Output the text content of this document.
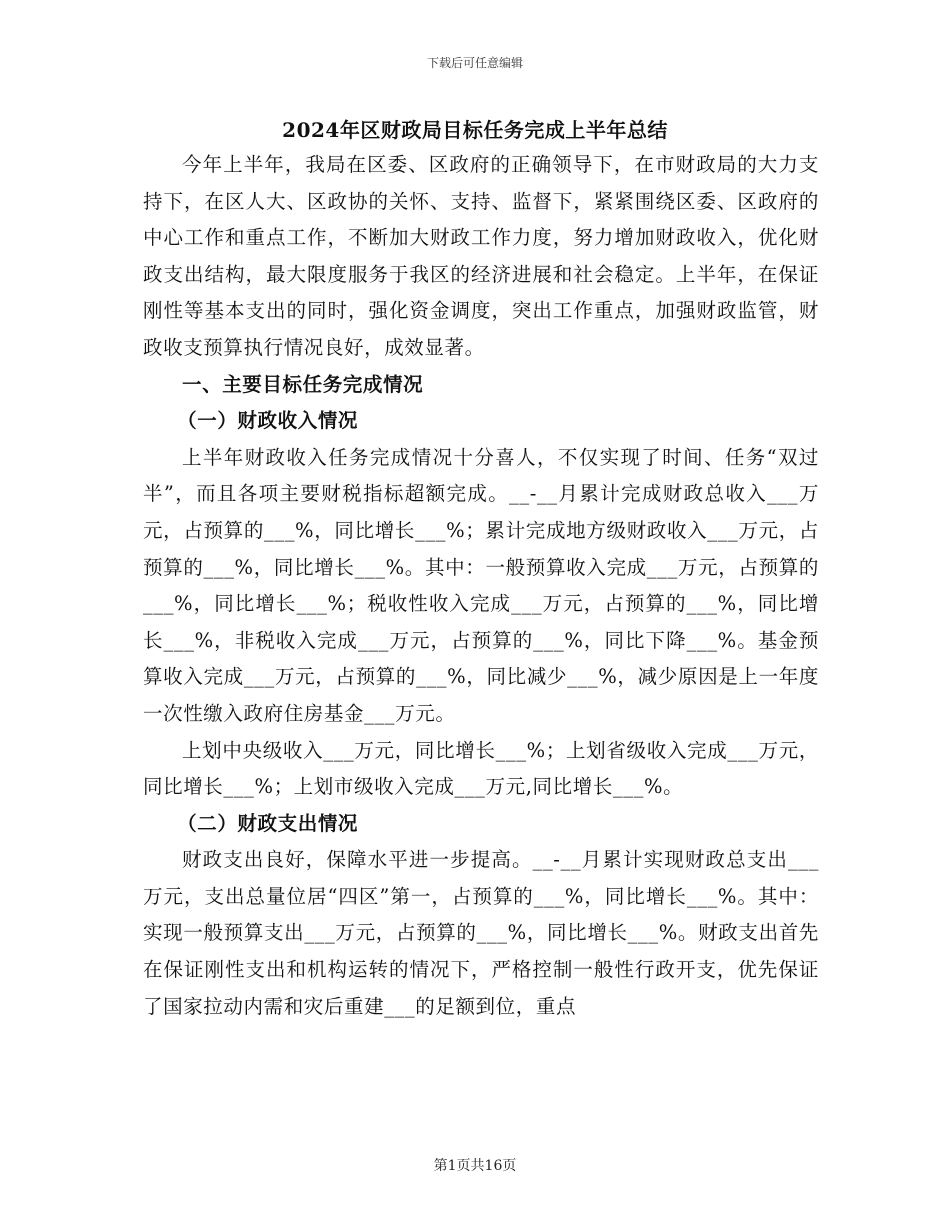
下载后可任意编辑
2024年区财政局目标任务完成上半年总结

今年上半年，我局在区委、区政府的正确领导下，在市财政局的大力支持下，在区人大、区政协的关怀、支持、监督下，紧紧围绕区委、区政府的中心工作和重点工作，不断加大财政工作力度，努力增加财政收入，优化财政支出结构，最大限度服务于我区的经济进展和社会稳定。上半年，在保证刚性等基本支出的同时，强化资金调度，突出工作重点，加强财政监管，财政收支预算执行情况良好，成效显著。

一、主要目标任务完成情况
（一）财政收入情况

上半年财政收入任务完成情况十分喜人，不仅实现了时间、任务“双过半”，而且各项主要财税指标超额完成。__-__月累计完成财政总收入___万元，占预算的___%，同比增长___%；累计完成地方级财政收入___万元，占预算的___%，同比增长___%。其中：一般预算收入完成___万元，占预算的___%，同比增长___%；税收性收入完成___万元，占预算的___%，同比增长___%，非税收入完成___万元，占预算的___%，同比下降___%。基金预算收入完成___万元，占预算的___%，同比减少___%，减少原因是上一年度一次性缴入政府住房基金___万元。

上划中央级收入___万元，同比增长___%；上划省级收入完成___万元，同比增长___%；上划市级收入完成___万元,同比增长___%。

（二）财政支出情况

财政支出良好，保障水平进一步提高。__-__月累计实现财政总支出___万元，支出总量位居“四区”第一，占预算的___%，同比增长___%。其中：实现一般预算支出___万元，占预算的___%，同比增长___%。财政支出首先在保证刚性支出和机构运转的情况下，严格控制一般性行政开支，优先保证了国家拉动内需和灾后重建___的足额到位，重点

第1页共16页
